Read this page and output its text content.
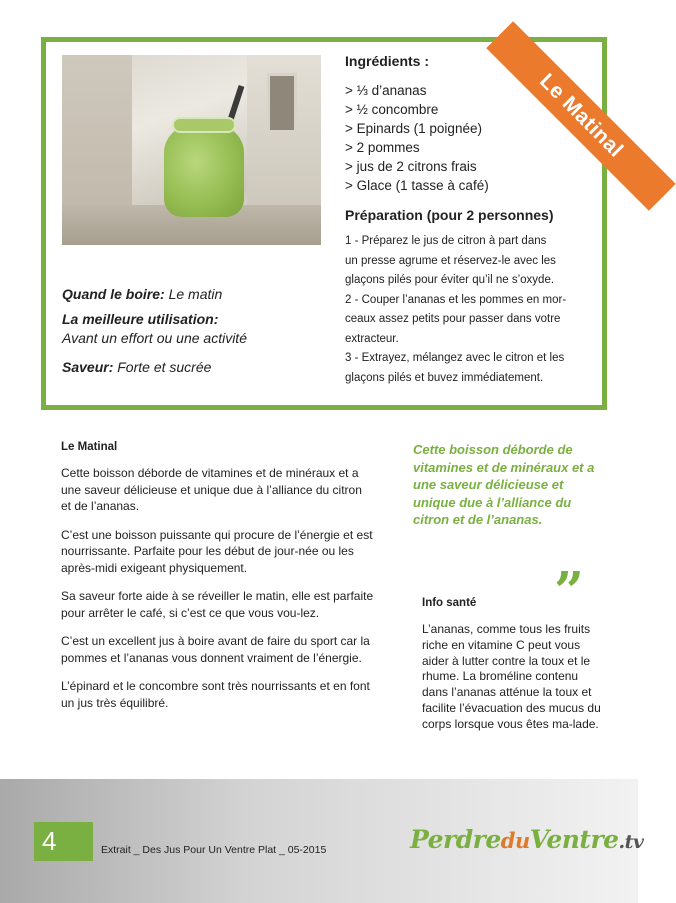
Quand le boire: Le matin

La meilleure utilisation:

Avant un effort ou une activité

Saveur: Forte et sucrée

Ingrédients :
> ⅓ d’ananas
> ½ concombre
> Epinards (1 poignée)
> 2 pommes
> jus de 2 citrons frais
> Glace (1 tasse à café)
Préparation (pour 2 personnes)
1 - Préparez le jus de citron à part dans
un presse agrume et réservez-le avec les
glaçons pilés pour éviter qu’il ne s’oxyde.
2 - Couper l’ananas et les pommes en mor-
ceaux assez petits pour passer dans votre
extracteur.
3 - Extrayez, mélangez avec le citron et les
glaçons pilés et buvez immédiatement.
Le Matinal
Le Matinal

Cette boisson déborde de vitamines et de minéraux et a une saveur délicieuse et unique due à l’alliance du citron et de l’ananas.

C’est une boisson puissante qui procure de l’énergie et est nourrissante. Parfaite pour les début de jour-née ou les après-midi exigeant physiquement.

Sa saveur forte aide à se réveiller le matin, elle est parfaite pour arrêter le café, si c’est ce que vous vou-lez.

C’est un excellent jus à boire avant de faire du sport car la pommes et l’ananas vous donnent vraiment de l’énergie.

L’épinard et le concombre sont très nourrissants et en font un jus très équilibré.

Cette boisson déborde de vitamines et de minéraux et a une saveur délicieuse et unique due à l’alliance du citron et de l’ananas.
„
Info santé

L’ananas, comme tous les fruits riche en vitamine C peut vous aider à lutter contre la toux et le rhume. La broméline contenu dans l’ananas atténue la toux et facilite l’évacuation des mucus du corps lorsque vous êtes ma-lade.

4	Extrait _ Des Jus Pour Un Ventre Plat _ 05-2015	PerdreduVentre.tv
